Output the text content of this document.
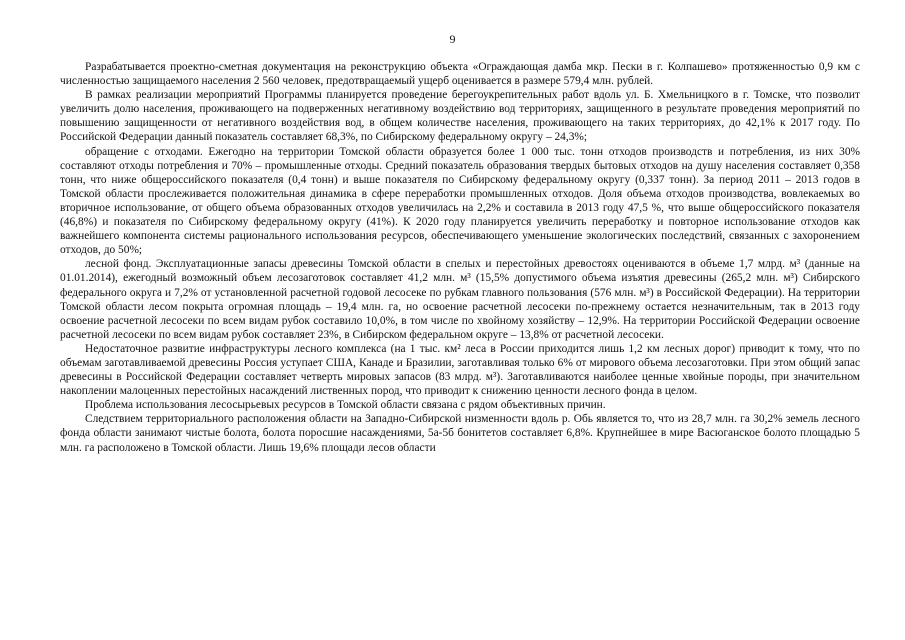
9

Разрабатывается проектно-сметная документация на реконструкцию объекта «Ограждающая дамба мкр. Пески в г. Колпашево» протяженностью 0,9 км с численностью защищаемого населения 2 560 человек, предотвращаемый ущерб оценивается в размере 579,4 млн. рублей.

В рамках реализации мероприятий Программы планируется проведение берегоукрепительных работ вдоль ул. Б. Хмельницкого в г. Томске, что позволит увеличить долю населения, проживающего на подверженных негативному воздействию вод территориях, защищенного в результате проведения мероприятий по повышению защищенности от негативного воздействия вод, в общем количестве населения, проживающего на таких территориях, до 42,1% к 2017 году. По Российской Федерации данный показатель составляет 68,3%, по Сибирскому федеральному округу – 24,3%;

обращение с отходами. Ежегодно на территории Томской области образуется более 1 000 тыс. тонн отходов производств и потребления, из них 30% составляют отходы потребления и 70% – промышленные отходы. Средний показатель образования твердых бытовых отходов на душу населения составляет 0,358 тонн, что ниже общероссийского показателя (0,4 тонн) и выше показателя по Сибирскому федеральному округу (0,337 тонн). За период 2011 – 2013 годов в Томской области прослеживается положительная динамика в сфере переработки промышленных отходов. Доля объема отходов производства, вовлекаемых во вторичное использование, от общего объема образованных отходов увеличилась на 2,2% и составила в 2013 году 47,5 %, что выше общероссийского показателя (46,8%) и показателя по Сибирскому федеральному округу (41%). К 2020 году планируется увеличить переработку и повторное использование отходов как важнейшего компонента системы рационального использования ресурсов, обеспечивающего уменьшение экологических последствий, связанных с захоронением отходов, до 50%;

лесной фонд. Эксплуатационные запасы древесины Томской области в спелых и перестойных древостоях оцениваются в объеме 1,7 млрд. м³ (данные на 01.01.2014), ежегодный возможный объем лесозаготовок составляет 41,2 млн. м³ (15,5% допустимого объема изъятия древесины (265,2 млн. м³) Сибирского федерального округа и 7,2% от установленной расчетной годовой лесосеке по рубкам главного пользования (576 млн. м³) в Российской Федерации). На территории Томской области лесом покрыта огромная площадь – 19,4 млн. га, но освоение расчетной лесосеки по-прежнему остается незначительным, так в 2013 году освоение расчетной лесосеки по всем видам рубок составило 10,0%, в том числе по хвойному хозяйству – 12,9%. На территории Российской Федерации освоение расчетной лесосеки по всем видам рубок составляет 23%, в Сибирском федеральном округе – 13,8% от расчетной лесосеки.

Недостаточное развитие инфраструктуры лесного комплекса (на 1 тыс. км² леса в России приходится лишь 1,2 км лесных дорог) приводит к тому, что по объемам заготавливаемой древесины Россия уступает США, Канаде и Бразилии, заготавливая только 6% от мирового объема лесозаготовки. При этом общий запас древесины в Российской Федерации составляет четверть мировых запасов (83 млрд. м³). Заготавливаются наиболее ценные хвойные породы, при значительном накоплении малоценных перестойных насаждений лиственных пород, что приводит к снижению ценности лесного фонда в целом.

Проблема использования лесосырьевых ресурсов в Томской области связана с рядом объективных причин.

Следствием территориального расположения области на Западно-Сибирской низменности вдоль р. Обь является то, что из 28,7 млн. га 30,2% земель лесного фонда области занимают чистые болота, болота поросшие насаждениями, 5а-5б бонитетов составляет 6,8%. Крупнейшее в мире Васюганское болото площадью 5 млн. га расположено в Томской области. Лишь 19,6% площади лесов области
